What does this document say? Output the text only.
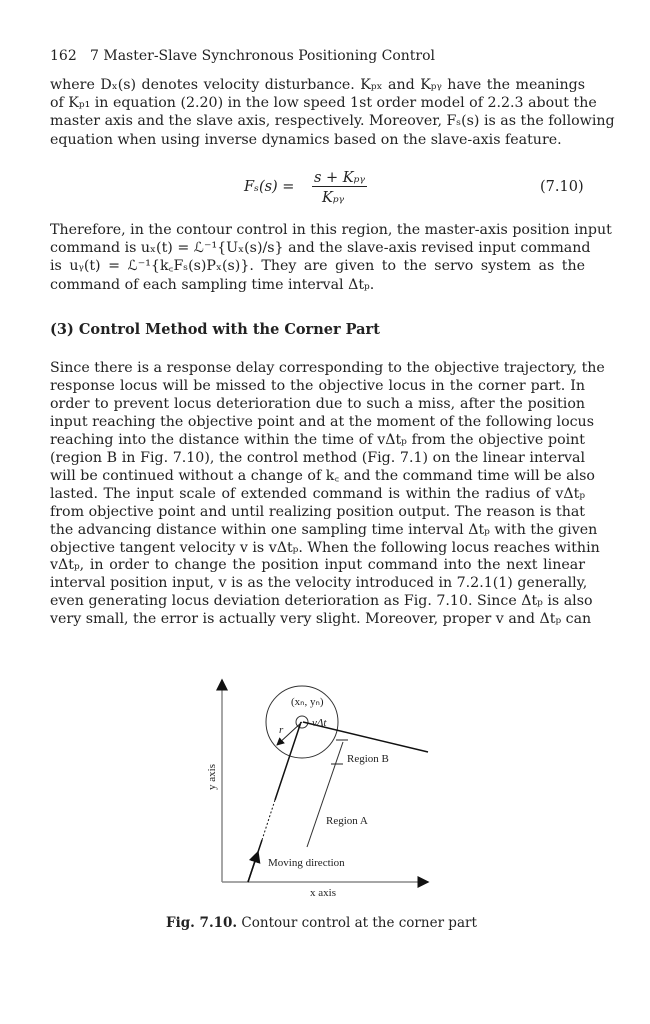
162 7 Master-Slave Synchronous Positioning Control
where Dₓ(s) denotes velocity disturbance. Kₚₓ and Kₚᵧ have the meanings
of Kₚ₁ in equation (2.20) in the low speed 1st order model of 2.2.3 about the
master axis and the slave axis, respectively. Moreover, Fₛ(s) is as the following
equation when using inverse dynamics based on the slave-axis feature.
Fₛ(s) =
s + Kₚᵧ
Kₚᵧ
(7.10)
Therefore, in the contour control in this region, the master-axis position input
command is uₓ(t) = ℒ⁻¹{Uₓ(s)/s} and the slave-axis revised input command
is uᵧ(t) = ℒ⁻¹{k꜀Fₛ(s)Pₓ(s)}. They are given to the servo system as the
command of each sampling time interval Δtₚ.
(3) Control Method with the Corner Part
Since there is a response delay corresponding to the objective trajectory, the
response locus will be missed to the objective locus in the corner part. In
order to prevent locus deterioration due to such a miss, after the position
input reaching the objective point and at the moment of the following locus
reaching into the distance within the time of vΔtₚ from the objective point
(region B in Fig. 7.10), the control method (Fig. 7.1) on the linear interval
will be continued without a change of k꜀ and the command time will be also
lasted. The input scale of extended command is within the radius of vΔtₚ
from objective point and until realizing position output. The reason is that
the advancing distance within one sampling time interval Δtₚ with the given
objective tangent velocity v is vΔtₚ. When the following locus reaches within
vΔtₚ, in order to change the position input command into the next linear
interval position input, v is as the velocity introduced in 7.2.1(1) generally,
even generating locus deviation deterioration as Fig. 7.10. Since Δtₚ is also
very small, the error is actually very slight. Moreover, proper v and Δtₚ can
(xₙ, yₙ)
vΔt
r
Region B
Region A
Moving direction
x axis
y axis
Fig. 7.10. Contour control at the corner part
